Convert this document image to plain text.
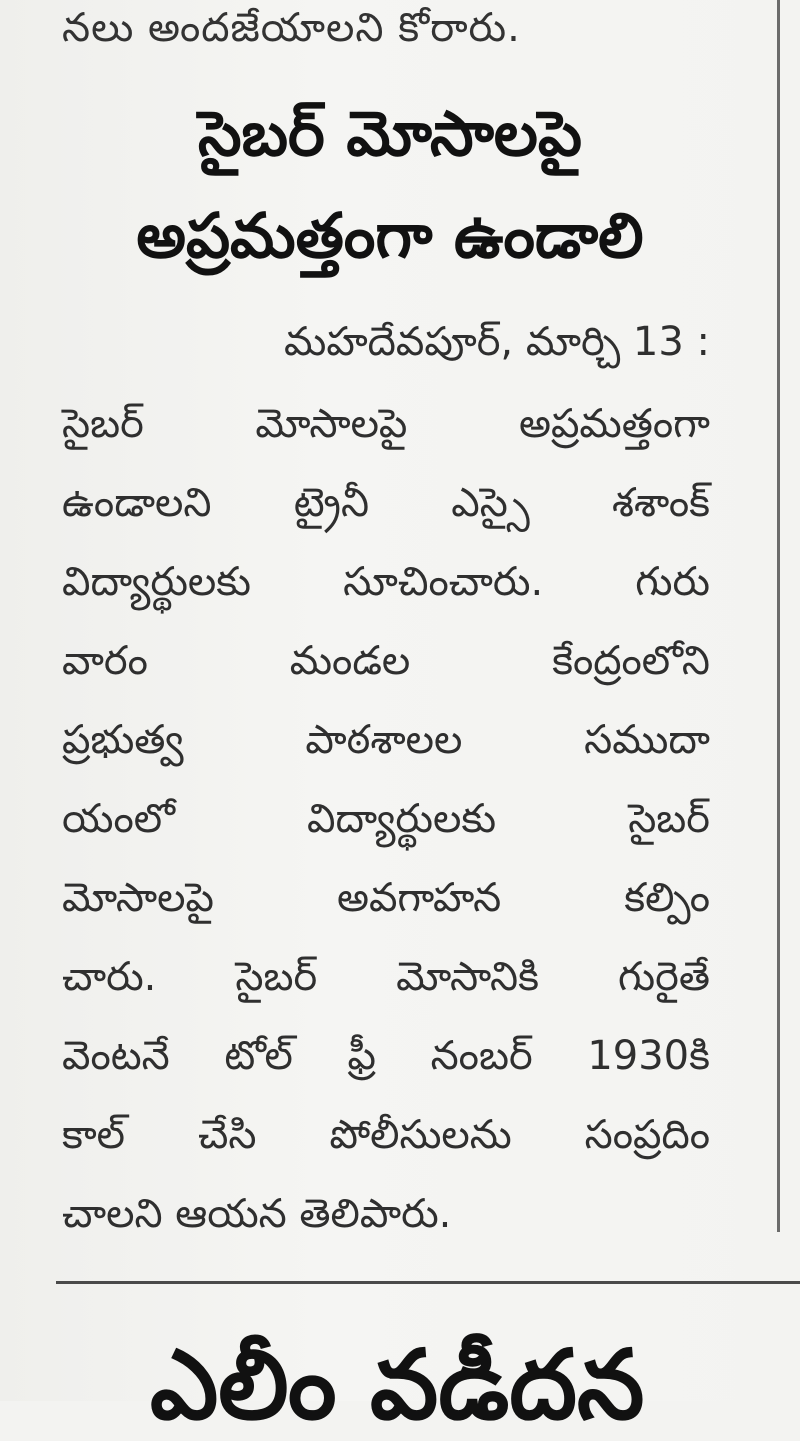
నలు అందజేయాలని కోరారు.
సైబర్ మోసాలపై
అప్రమత్తంగా ఉండాలి
మహదేవపూర్, మార్చి 13 :
సైబర్ మోసాలపై అప్రమత్తంగా
ఉండాలని ట్రైనీ ఎస్సై శశాంక్
విద్యార్థులకు సూచించారు. గురు
వారం మండల కేంద్రంలోని
ప్రభుత్వ పాఠశాలల సముదా
యంలో విద్యార్థులకు సైబర్
మోసాలపై అవగాహన కల్పిం
చారు. సైబర్ మోసానికి గురైతే
వెంటనే టోల్ ఫ్రీ నంబర్ 1930కి
కాల్ చేసి పోలీసులను సంప్రదిం
చాలని ఆయన తెలిపారు.
ఎలీం వడీదన
